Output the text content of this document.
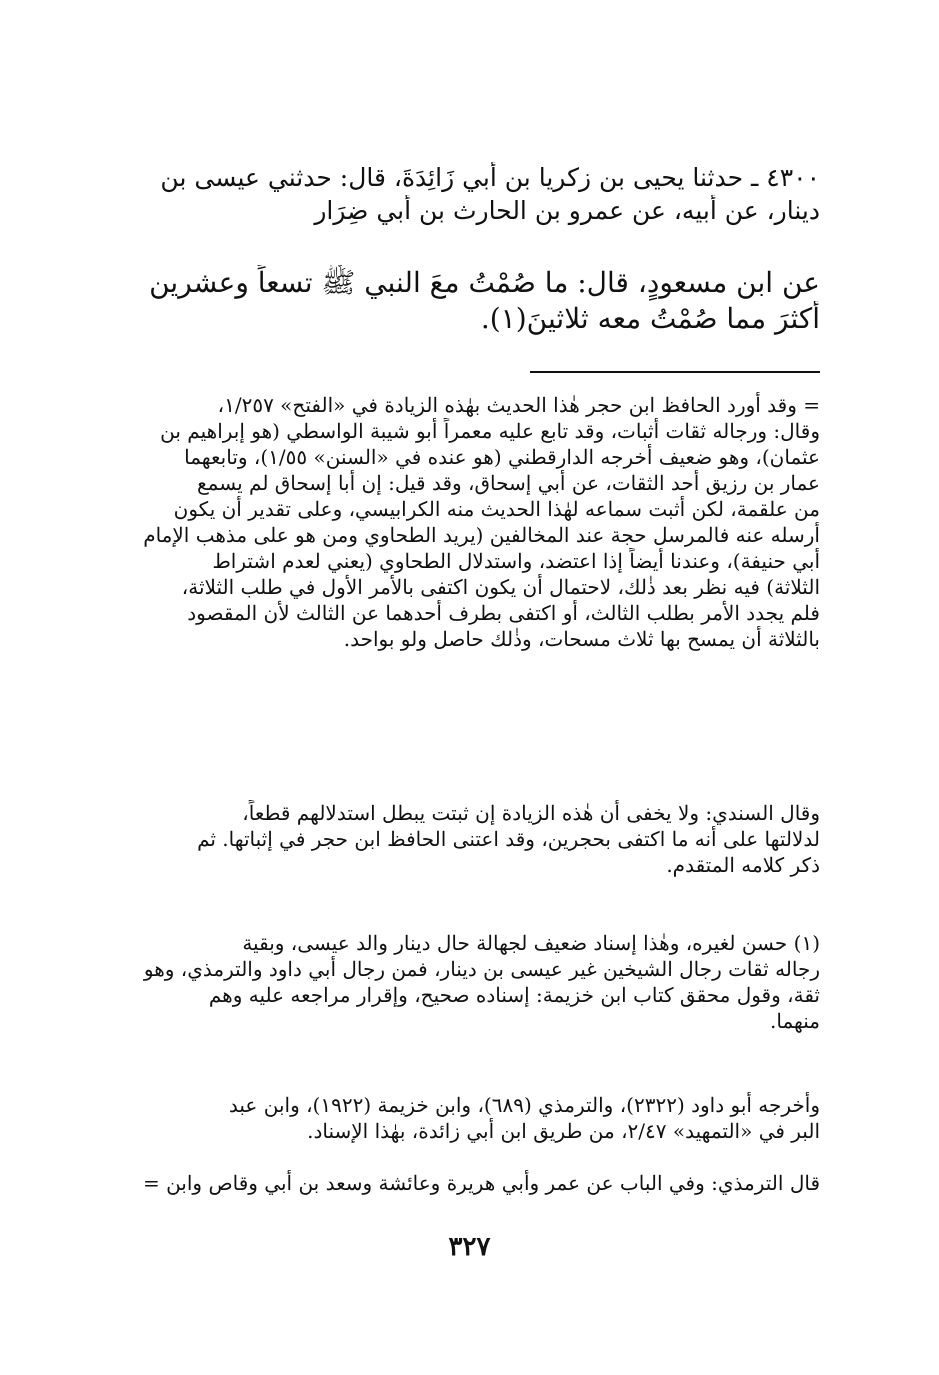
٤٣٠٠ ـ حدثنا يحيى بن زكريا بن أَبي زَائِدَةَ، قال: حدثني عيسى بن
دينار، عن أَبيه، عن عمرو بن الحارث بن أَبي ضِرَار
عن ابن مسعودٍ، قال: ما صُمْتُ معَ النبي ﷺ تسعاً وعشرين
أَكثرَ مما صُمْتُ معه ثلاثينَ(١).
= وقد أورد الحافظ ابن حجر هٰذا الحديث بهٰذه الزيادة في «الفتح» ١/٢٥٧،
وقال: ورجاله ثقات أثبات، وقد تابع عليه معمراً أبو شيبة الواسطي (هو إبراهيم بن
عثمان)، وهو ضعيف أخرجه الدارقطني (هو عنده في «السنن» ١/٥٥)، وتابعهما
عمار بن رزيق أحد الثقات، عن أبي إسحاق، وقد قيل: إن أبا إسحاق لم يسمع
من علقمة، لكن أثبت سماعه لهٰذا الحديث منه الكرابيسي، وعلى تقدير أن يكون
أرسله عنه فالمرسل حجة عند المخالفين (يريد الطحاوي ومن هو على مذهب الإمام
أبي حنيفة)، وعندنا أيضاً إذا اعتضد، واستدلال الطحاوي (يعني لعدم اشتراط
الثلاثة) فيه نظر بعد ذٰلك، لاحتمال أن يكون اكتفى بالأمر الأول في طلب الثلاثة،
فلم يجدد الأمر بطلب الثالث، أو اكتفى بطرف أحدهما عن الثالث لأن المقصود
بالثلاثة أن يمسح بها ثلاث مسحات، وذٰلك حاصل ولو بواحد.
وقال السندي: ولا يخفى أن هٰذه الزيادة إن ثبتت يبطل استدلالهم قطعاً،
لدلالتها على أنه ما اكتفى بحجرين، وقد اعتنى الحافظ ابن حجر في إثباتها. ثم
ذكر كلامه المتقدم.
(١) حسن لغيره، وهٰذا إسناد ضعيف لجهالة حال دينار والد عيسى، وبقية
رجاله ثقات رجال الشيخين غير عيسى بن دينار، فمن رجال أبي داود والترمذي، وهو
ثقة، وقول محقق كتاب ابن خزيمة: إسناده صحيح، وإقرار مراجعه عليه وهم
منهما.
وأخرجه أبو داود (٢٣٢٢)، والترمذي (٦٨٩)، وابن خزيمة (١٩٢٢)، وابن عبد
البر في «التمهيد» ٢/٤٧، من طريق ابن أبي زائدة، بهٰذا الإسناد.
قال الترمذي: وفي الباب عن عمر وأبي هريرة وعائشة وسعد بن أبي وقاص وابن =
٣٢٧
